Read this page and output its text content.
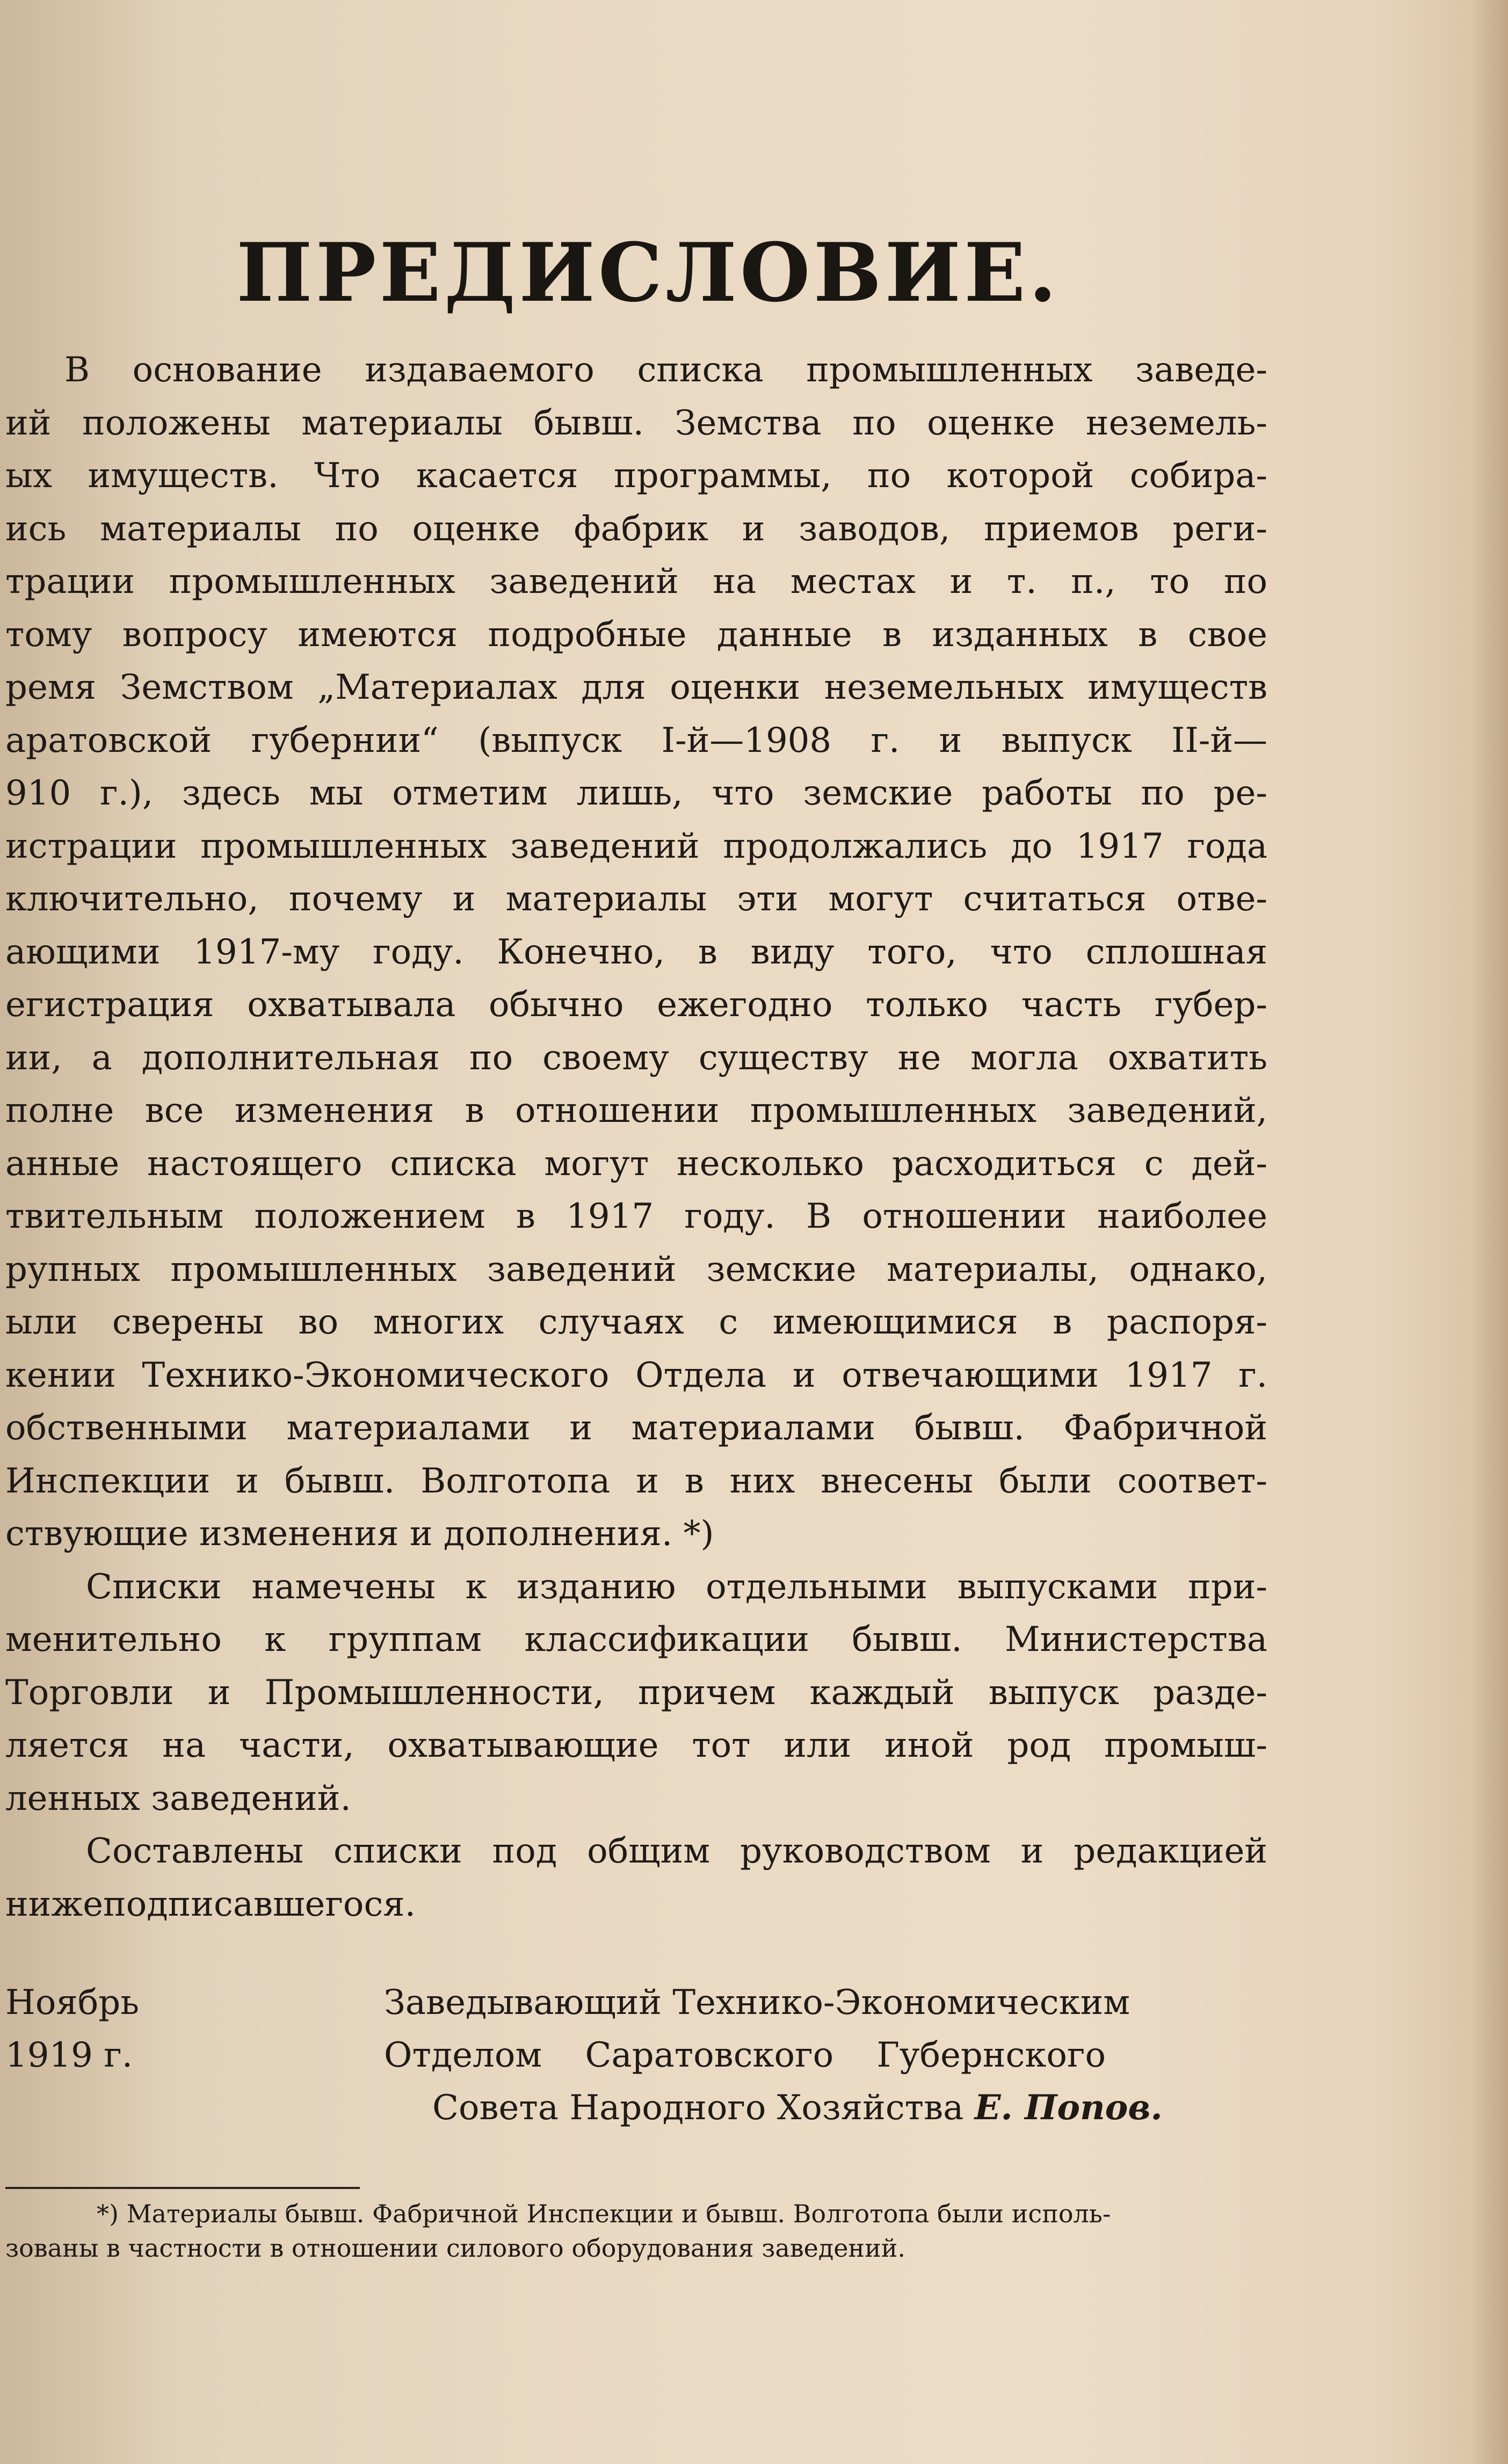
ПРЕДИСЛОВИЕ.
В основание издаваемого списка промышленных заведе-
ий положены материалы бывш. Земства по оценке неземель-
ых имуществ. Что касается программы, по которой собира-
ись материалы по оценке фабрик и заводов, приемов реги-
трации промышленных заведений на местах и т. п., то по
тому вопросу имеются подробные данные в изданных в свое
ремя Земством „Материалах для оценки неземельных имуществ
аратовской губернии“ (выпуск I-й—1908 г. и выпуск II-й—
910 г.), здесь мы отметим лишь, что земские работы по ре-
истрации промышленных заведений продолжались до 1917 года
ключительно, почему и материалы эти могут считаться отве-
ающими 1917-му году. Конечно, в виду того, что сплошная
егистрация охватывала обычно ежегодно только часть губер-
ии, а дополнительная по своему существу не могла охватить
полне все изменения в отношении промышленных заведений,
анные настоящего списка могут несколько расходиться с дей-
твительным положением в 1917 году. В отношении наиболее
рупных промышленных заведений земские материалы, однако,
ыли сверены во многих случаях с имеющимися в распоря-
кении Технико-Экономического Отдела и отвечающими 1917 г.
обственными материалами и материалами бывш. Фабричной
Инспекции и бывш. Волготопа и в них внесены были соответ-
ствующие изменения и дополнения. *)
Списки намечены к изданию отдельными выпусками при-
менительно к группам классификации бывш. Министерства
Торговли и Промышленности, причем каждый выпуск разде-
ляется на части, охватывающие тот или иной род промыш-
ленных заведений.
Составлены списки под общим руководством и редакцией
нижеподписавшегося.
Ноябрь
1919 г.
Заведывающий Технико-Экономическим
Отделом Саратовского Губернского
Совета Народного Хозяйства Е. Попов.
*) Материалы бывш. Фабричной Инспекции и бывш. Волготопа были исполь-
зованы в частности в отношении силового оборудования заведений.
